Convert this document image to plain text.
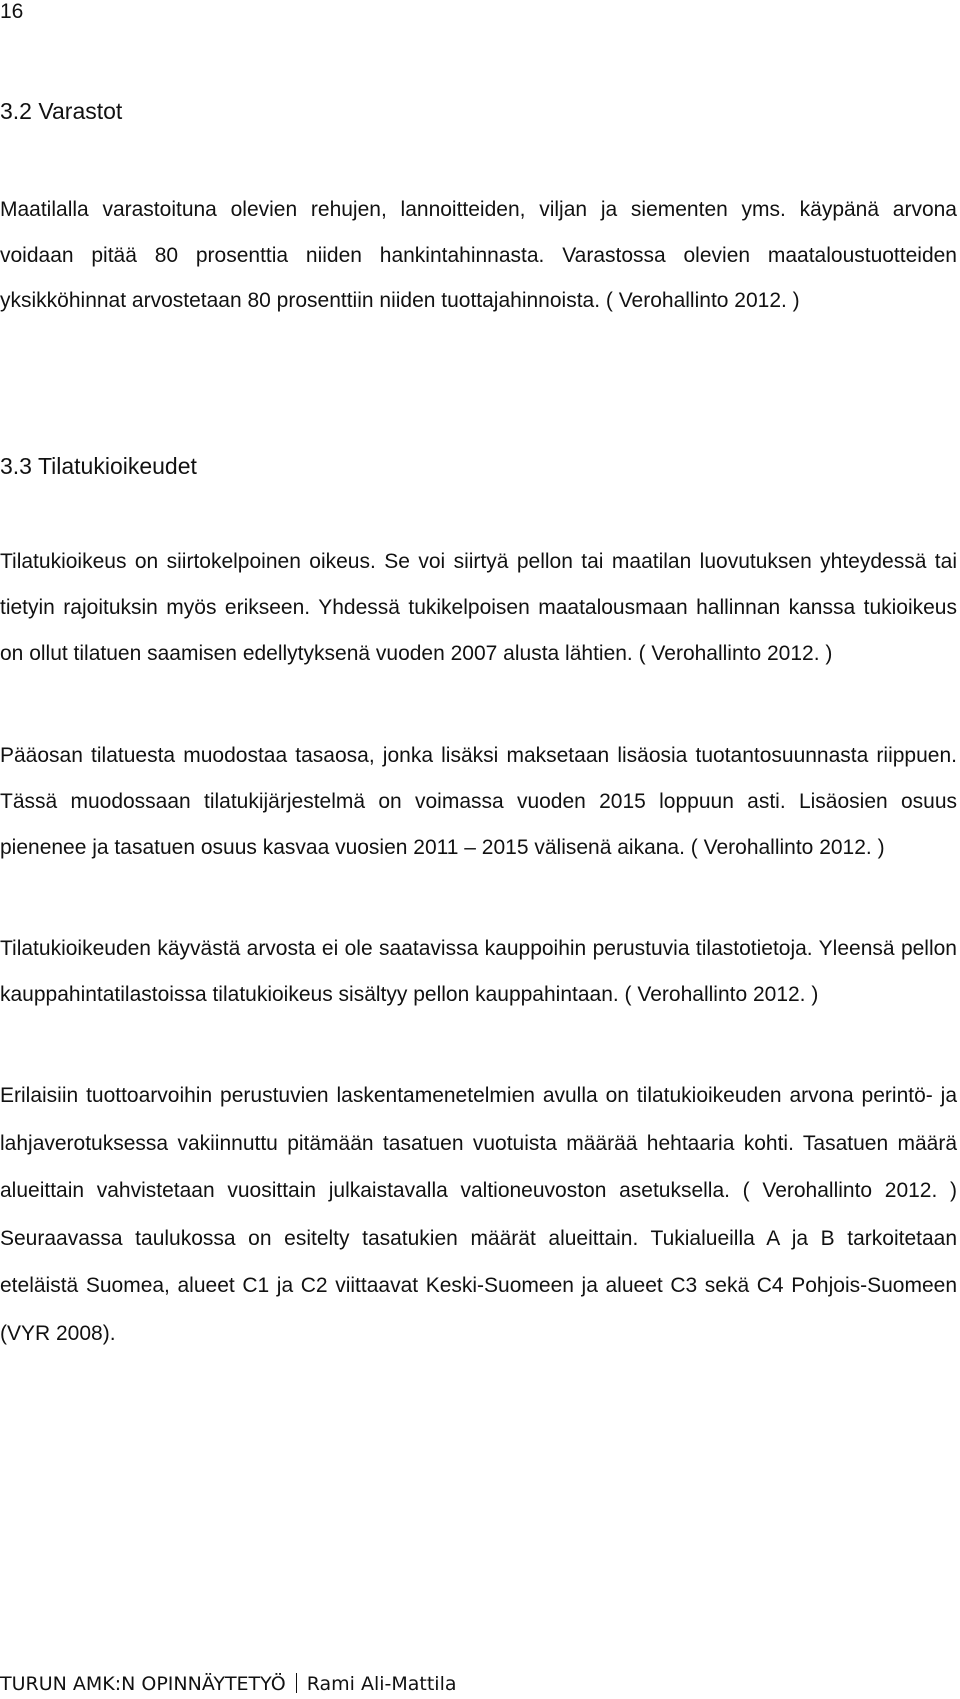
16
3.2 Varastot

Maatilalla varastoituna olevien rehujen, lannoitteiden, viljan ja siementen yms. käypänä arvona voidaan pitää 80 prosenttia niiden hankintahinnasta. Varastossa olevien maataloustuotteiden yksikköhinnat arvostetaan 80 prosenttiin niiden tuottajahinnoista. ( Verohallinto 2012. )

3.3 Tilatukioikeudet

Tilatukioikeus on siirtokelpoinen oikeus. Se voi siirtyä pellon tai maatilan luovutuksen yhteydessä tai tietyin rajoituksin myös erikseen. Yhdessä tukikelpoisen maatalousmaan hallinnan kanssa tukioikeus on ollut tilatuen saamisen edellytyksenä vuoden 2007 alusta lähtien. ( Verohallinto 2012. )

Pääosan tilatuesta muodostaa tasaosa, jonka lisäksi maksetaan lisäosia tuotantosuunnasta riippuen. Tässä muodossaan tilatukijärjestelmä on voimassa vuoden 2015 loppuun asti. Lisäosien osuus pienenee ja tasatuen osuus kasvaa vuosien 2011 – 2015 välisenä aikana. ( Verohallinto 2012. )

Tilatukioikeuden käyvästä arvosta ei ole saatavissa kauppoihin perustuvia tilastotietoja. Yleensä pellon kauppahintatilastoissa tilatukioikeus sisältyy pellon kauppahintaan. ( Verohallinto 2012. )

Erilaisiin tuottoarvoihin perustuvien laskentamenetelmien avulla on tilatukioikeuden arvona perintö- ja lahjaverotuksessa vakiinnuttu pitämään tasatuen vuotuista määrää hehtaaria kohti. Tasatuen määrä alueittain vahvistetaan vuosittain julkaistavalla valtioneuvoston asetuksella. ( Verohallinto 2012. ) Seuraavassa taulukossa on esitelty tasatukien määrät alueittain. Tukialueilla A ja B tarkoitetaan eteläistä Suomea, alueet C1 ja C2 viittaavat Keski-Suomeen ja alueet C3 sekä C4 Pohjois-Suomeen (VYR 2008).

TURUN AMK:N OPINNÄYTETYÖ Rami Ali-Mattila
